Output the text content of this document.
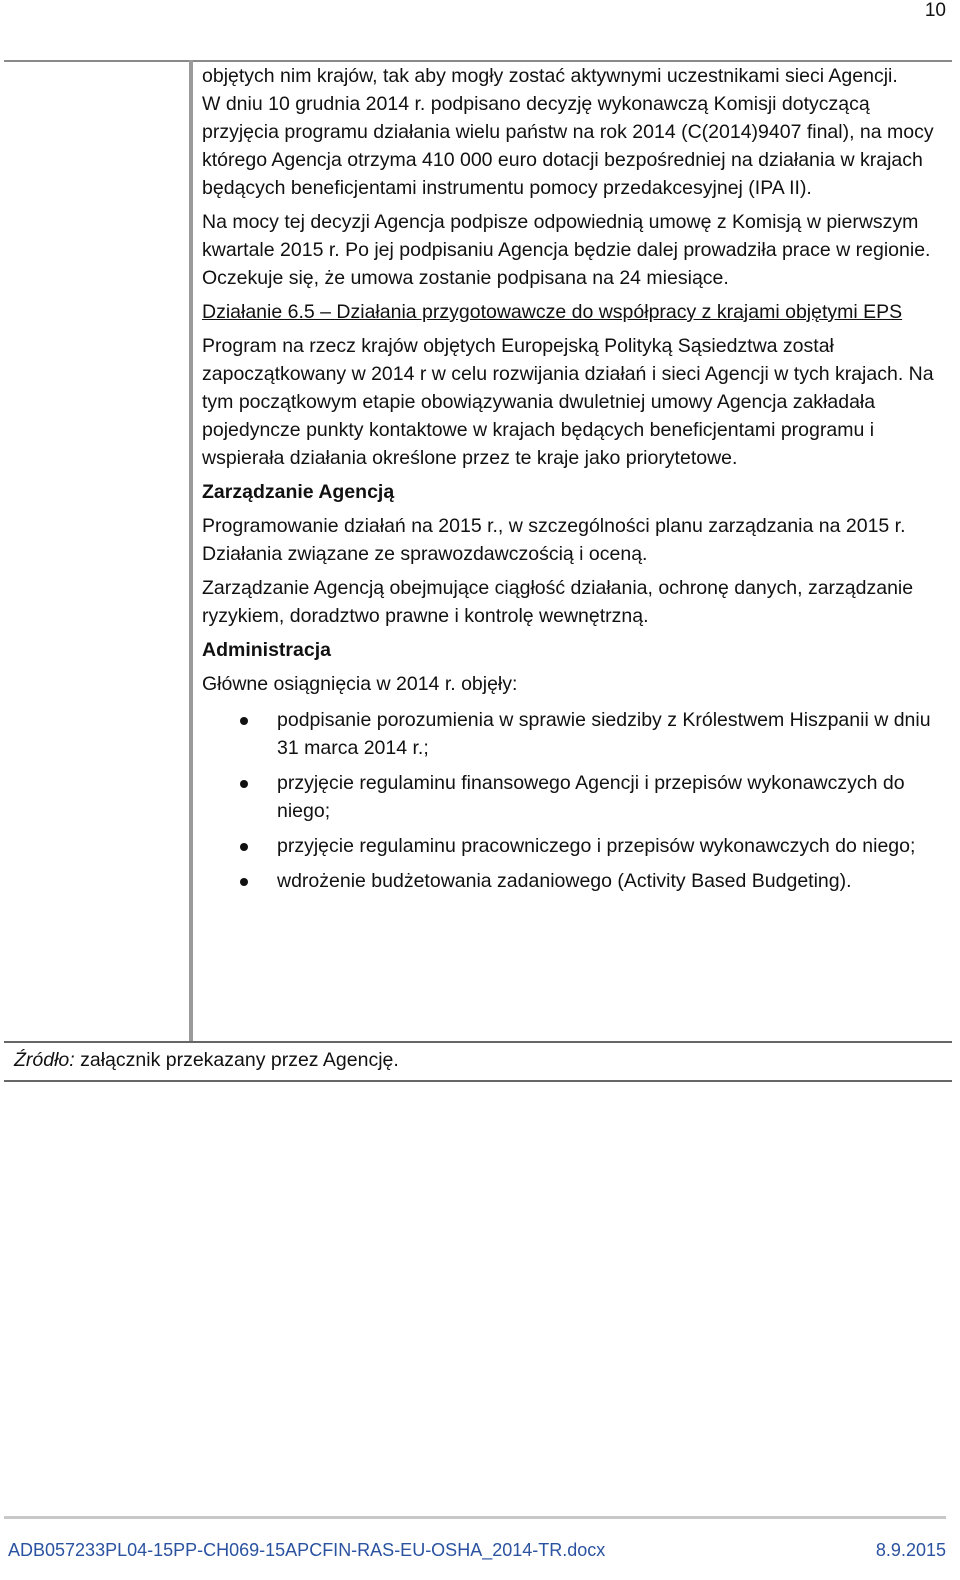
10

objętych nim krajów, tak aby mogły zostać aktywnymi uczestnikami sieci Agencji.

W dniu 10 grudnia 2014 r. podpisano decyzję wykonawczą Komisji dotyczącą przyjęcia programu działania wielu państw na rok 2014 (C(2014)9407 final), na mocy którego Agencja otrzyma 410 000 euro dotacji bezpośredniej na działania w krajach będących beneficjentami instrumentu pomocy przedakcesyjnej (IPA II).

Na mocy tej decyzji Agencja podpisze odpowiednią umowę z Komisją w pierwszym kwartale 2015 r. Po jej podpisaniu Agencja będzie dalej prowadziła prace w regionie. Oczekuje się, że umowa zostanie podpisana na 24 miesiące.

Działanie 6.5 – Działania przygotowawcze do współpracy z krajami objętymi EPS

Program na rzecz krajów objętych Europejską Polityką Sąsiedztwa został zapoczątkowany w 2014 r w celu rozwijania działań i sieci Agencji w tych krajach. Na tym początkowym etapie obowiązywania dwuletniej umowy Agencja zakładała pojedyncze punkty kontaktowe w krajach będących beneficjentami programu i wspierała działania określone przez te kraje jako priorytetowe.

Zarządzanie Agencją

Programowanie działań na 2015 r., w szczególności planu zarządzania na 2015 r. Działania związane ze sprawozdawczością i oceną.

Zarządzanie Agencją obejmujące ciągłość działania, ochronę danych, zarządzanie ryzykiem, doradztwo prawne i kontrolę wewnętrzną.

Administracja

Główne osiągnięcia w 2014 r. objęły:

podpisanie porozumienia w sprawie siedziby z Królestwem Hiszpanii w dniu 31 marca 2014 r.;
przyjęcie regulaminu finansowego Agencji i przepisów wykonawczych do niego;
przyjęcie regulaminu pracowniczego i przepisów wykonawczych do niego;
wdrożenie budżetowania zadaniowego (Activity Based Budgeting).
Źródło: załącznik przekazany przez Agencję.
ADB057233PL04-15PP-CH069-15APCFIN-RAS-EU-OSHA_2014-TR.docx	8.9.2015
